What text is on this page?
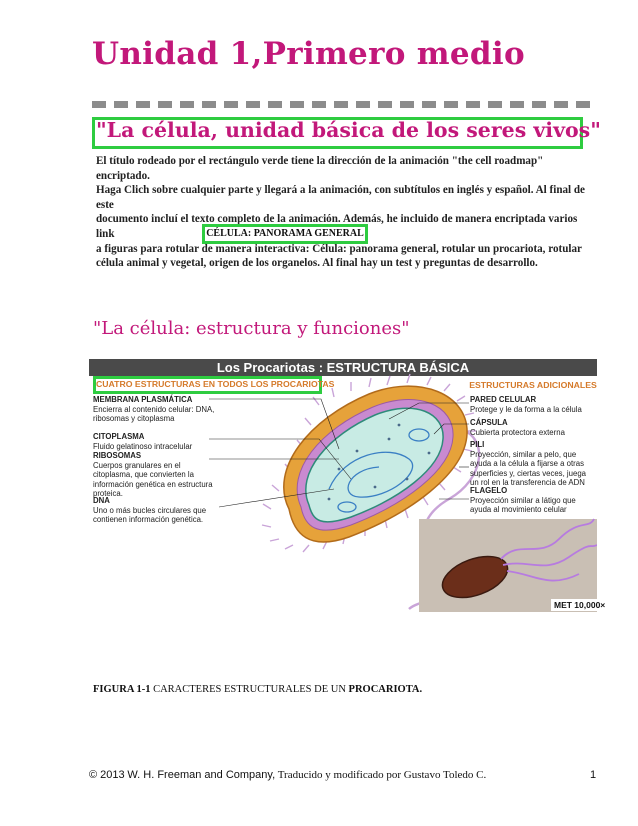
Unidad 1,Primero medio
"La célula, unidad básica de los seres vivos"
El título rodeado por el rectángulo verde tiene la dirección de la animación "the cell roadmap" encriptado.
Haga Clich sobre cualquier parte y llegará a la animación, con subtítulos en inglés y español. Al final de este
documento incluí el texto completo de la animación. Además, he incluido de manera encriptada varios link
a figuras para rotular de manera interactiva: Célula: panorama general, rotular un procariota, rotular
célula animal y vegetal, origen de los organelos. Al final hay un test y preguntas de desarrollo.
CÉLULA: PANORAMA GENERAL
"La célula: estructura y funciones"
Los Procariotas : ESTRUCTURA BÁSICA
CUATRO ESTRUCTURAS EN TODOS LOS PROCARIOTAS	ESTRUCTURAS ADICIONALES
MEMBRANA PLASMÁTICA
Encierra al contenido celular: DNA, ribosomas y citoplasma
CITOPLASMA
Fluido gelatinoso intracelular
RIBOSOMAS
Cuerpos granulares en el citoplasma, que convierten la información genética en estructura proteica.
DNA
Uno o más bucles circulares que contienen información genética.
PARED CELULAR
Protege y le da forma a la célula
CÁPSULA
Cubierta protectora externa
PILI
Proyección, similar a pelo, que ayuda a la célula a fijarse a otras superficies y, ciertas veces, juega un rol en la transferencia de ADN
FLAGELO
Proyección similar a látigo que ayuda al movimiento celular
MET 10,000×
FIGURA 1-1 CARACTERES ESTRUCTURALES DE UN PROCARIOTA.
© 2013 W. H. Freeman and Company, Traducido y modificado por Gustavo Toledo C.	1
